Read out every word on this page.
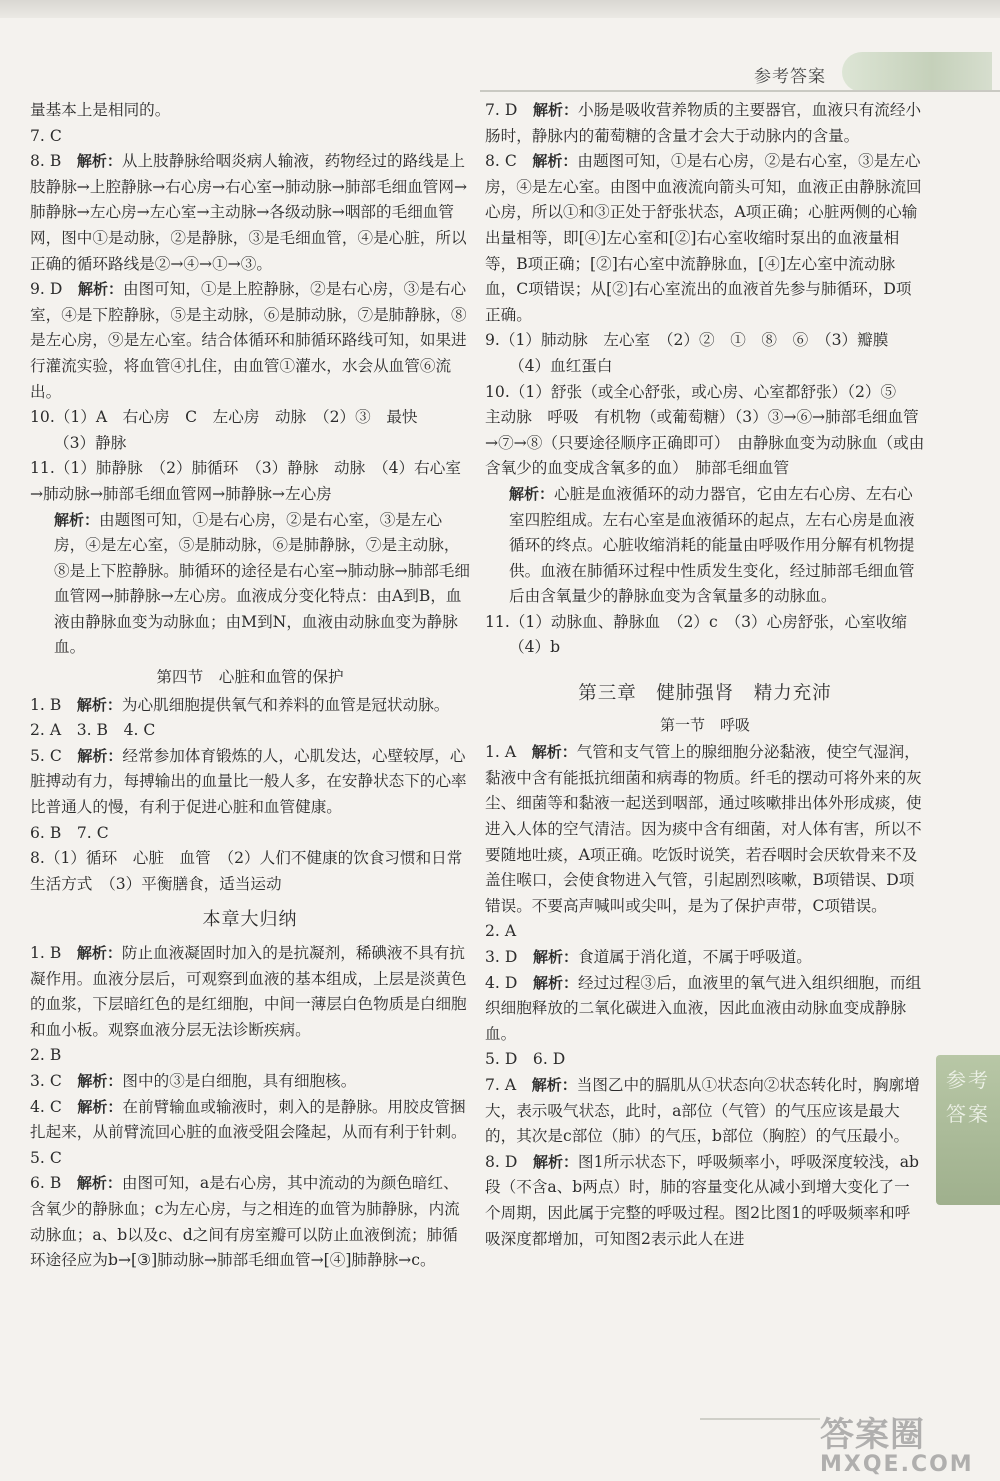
参考答案

量基本上是相同的。

7. C

8. B　 解析：从上肢静脉给咽炎病人输液，药物经过的路线是上肢静脉→上腔静脉→右心房→右心室→肺动脉→肺部毛细血管网→肺静脉→左心房→左心室→主动脉→各级动脉→咽部的毛细血管网，图中①是动脉，②是静脉，③是毛细血管，④是心脏，所以正确的循环路线是②→④→①→③。

9. D　 解析：由图可知，①是上腔静脉，②是右心房，③是右心室，④是下腔静脉，⑤是主动脉，⑥是肺动脉，⑦是肺静脉，⑧是左心房，⑨是左心室。结合体循环和肺循环路线可知，如果进行灌流实验，将血管④扎住，由血管①灌水，水会从血管⑥流出。

10.（1）A　右心房　C　左心房　动脉　（2）③　最快

（3）静脉

11.（1）肺静脉　（2）肺循环　（3）静脉　动脉　（4）右心室→肺动脉→肺部毛细血管网→肺静脉→左心房

解析：由题图可知，①是右心房，②是右心室，③是左心房，④是左心室，⑤是肺动脉，⑥是肺静脉，⑦是主动脉，⑧是上下腔静脉。肺循环的途径是右心室→肺动脉→肺部毛细血管网→肺静脉→左心房。血液成分变化特点：由A到B，血液由静脉血变为动脉血；由M到N，血液由动脉血变为静脉血。

第四节　心脏和血管的保护

1. B　 解析：为心肌细胞提供氧气和养料的血管是冠状动脉。

2. A　3. B　4. C

5. C　 解析：经常参加体育锻炼的人，心肌发达，心壁较厚，心脏搏动有力，每搏输出的血量比一般人多，在安静状态下的心率比普通人的慢，有利于促进心脏和血管健康。

6. B　7. C

8.（1）循环　心脏　血管　（2）人们不健康的饮食习惯和日常生活方式　（3）平衡膳食，适当运动

本章大归纳

1. B　 解析：防止血液凝固时加入的是抗凝剂，稀碘液不具有抗凝作用。血液分层后，可观察到血液的基本组成，上层是淡黄色的血浆，下层暗红色的是红细胞，中间一薄层白色物质是白细胞和血小板。观察血液分层无法诊断疾病。

2. B

3. C　 解析：图中的③是白细胞，具有细胞核。

4. C　 解析：在前臂输血或输液时，刺入的是静脉。用胶皮管捆扎起来，从前臂流回心脏的血液受阻会隆起，从而有利于针刺。

5. C

6. B　 解析：由图可知，a是右心房，其中流动的为颜色暗红、含氧少的静脉血；c为左心房，与之相连的血管为肺静脉，内流动脉血；a、b以及c、d之间有房室瓣可以防止血液倒流；肺循环途径应为b→[③]肺动脉→肺部毛细血管→[④]肺静脉→c。

7. D　 解析：小肠是吸收营养物质的主要器官，血液只有流经小肠时，静脉内的葡萄糖的含量才会大于动脉内的含量。

8. C　 解析：由题图可知，①是右心房，②是右心室，③是左心房，④是左心室。由图中血液流向箭头可知，血液正由静脉流回心房，所以①和③正处于舒张状态，A项正确；心脏两侧的心输出量相等，即[④]左心室和[②]右心室收缩时泵出的血液量相等，B项正确；[②]右心室中流静脉血，[④]左心室中流动脉血，C项错误；从[②]右心室流出的血液首先参与肺循环，D项正确。

9.（1）肺动脉　左心室　（2）②　①　⑧　⑥　（3）瓣膜

（4）血红蛋白

10.（1）舒张（或全心舒张，或心房、心室都舒张）（2）⑤　主动脉　呼吸　有机物（或葡萄糖）（3）③→⑥→肺部毛细血管→⑦→⑧（只要途径顺序正确即可）　由静脉血变为动脉血（或由含氧少的血变成含氧多的血）　肺部毛细血管

解析：心脏是血液循环的动力器官，它由左右心房、左右心室四腔组成。左右心室是血液循环的起点，左右心房是血液循环的终点。心脏收缩消耗的能量由呼吸作用分解有机物提供。血液在肺循环过程中性质发生变化，经过肺部毛细血管后由含氧量少的静脉血变为含氧量多的动脉血。

11.（1）动脉血、静脉血　（2）c　（3）心房舒张，心室收缩

（4）b

第三章　健肺强肾　精力充沛

第一节　呼吸

1. A　 解析：气管和支气管上的腺细胞分泌黏液，使空气湿润，黏液中含有能抵抗细菌和病毒的物质。纤毛的摆动可将外来的灰尘、细菌等和黏液一起送到咽部，通过咳嗽排出体外形成痰，使进入人体的空气清洁。因为痰中含有细菌，对人体有害，所以不要随地吐痰，A项正确。吃饭时说笑，若吞咽时会厌软骨来不及盖住喉口，会使食物进入气管，引起剧烈咳嗽，B项错误、D项错误。不要高声喊叫或尖叫，是为了保护声带，C项错误。

2. A

3. D　 解析：食道属于消化道，不属于呼吸道。

4. D　 解析：经过过程③后，血液里的氧气进入组织细胞，而组织细胞释放的二氧化碳进入血液，因此血液由动脉血变成静脉血。

5. D　6. D

7. A　 解析：当图乙中的膈肌从①状态向②状态转化时，胸廓增大，表示吸气状态，此时，a部位（气管）的气压应该是最大的，其次是c部位（肺）的气压，b部位（胸腔）的气压最小。

8. D　 解析：图1所示状态下，呼吸频率小，呼吸深度较浅，ab段（不含a、b两点）时，肺的容量变化从减小到增大变化了一个周期，因此属于完整的呼吸过程。图2比图1的呼吸频率和呼吸深度都增加，可知图2表示此人在进

参考答案
答案圈
MXQE.COM
